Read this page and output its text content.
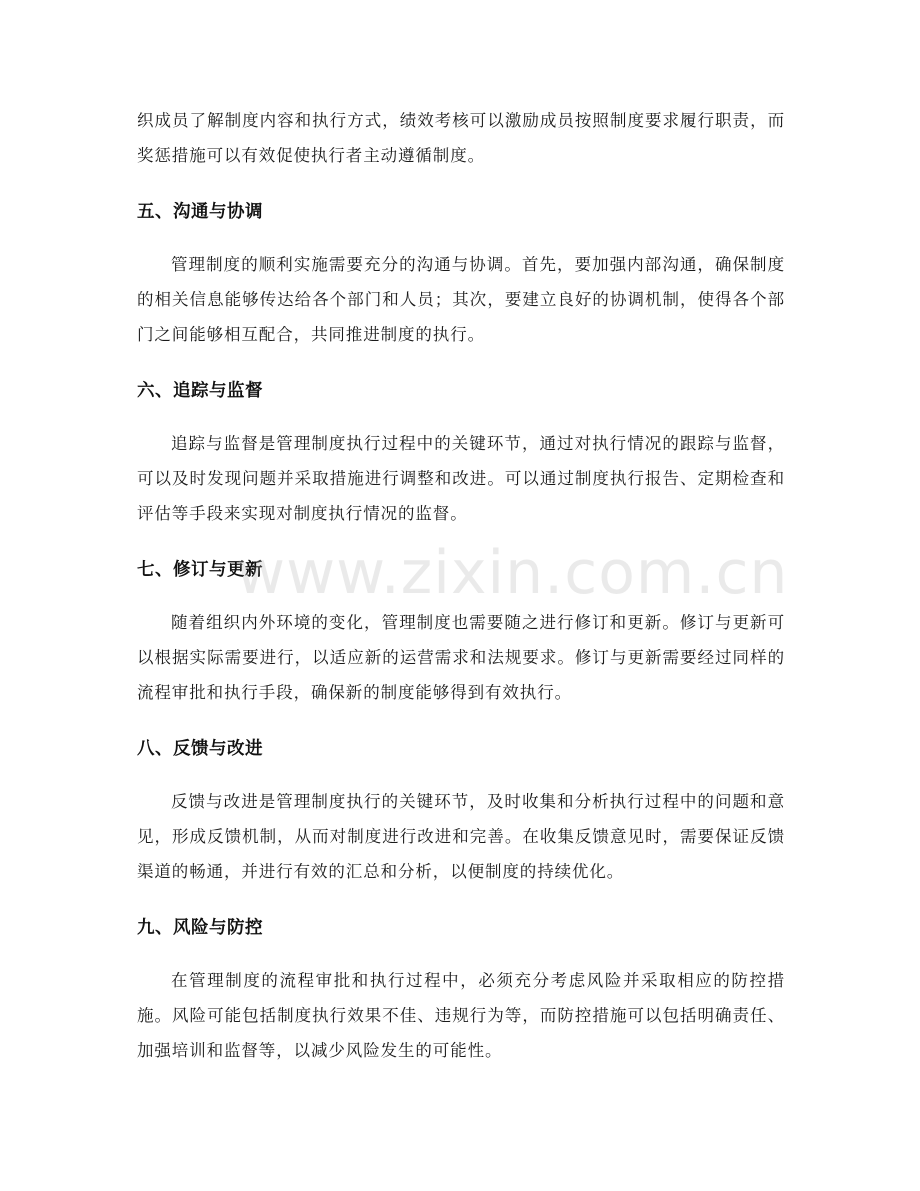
织成员了解制度内容和执行方式，绩效考核可以激励成员按照制度要求履行职责，而奖惩措施可以有效促使执行者主动遵循制度。

五、沟通与协调

管理制度的顺利实施需要充分的沟通与协调。首先，要加强内部沟通，确保制度的相关信息能够传达给各个部门和人员；其次，要建立良好的协调机制，使得各个部门之间能够相互配合，共同推进制度的执行。

六、追踪与监督

追踪与监督是管理制度执行过程中的关键环节，通过对执行情况的跟踪与监督，可以及时发现问题并采取措施进行调整和改进。可以通过制度执行报告、定期检查和评估等手段来实现对制度执行情况的监督。

七、修订与更新

随着组织内外环境的变化，管理制度也需要随之进行修订和更新。修订与更新可以根据实际需要进行，以适应新的运营需求和法规要求。修订与更新需要经过同样的流程审批和执行手段，确保新的制度能够得到有效执行。

八、反馈与改进

反馈与改进是管理制度执行的关键环节，及时收集和分析执行过程中的问题和意见，形成反馈机制，从而对制度进行改进和完善。在收集反馈意见时，需要保证反馈渠道的畅通，并进行有效的汇总和分析，以便制度的持续优化。

九、风险与防控

在管理制度的流程审批和执行过程中，必须充分考虑风险并采取相应的防控措施。风险可能包括制度执行效果不佳、违规行为等，而防控措施可以包括明确责任、加强培训和监督等，以减少风险发生的可能性。

www.zixin.com.cn
